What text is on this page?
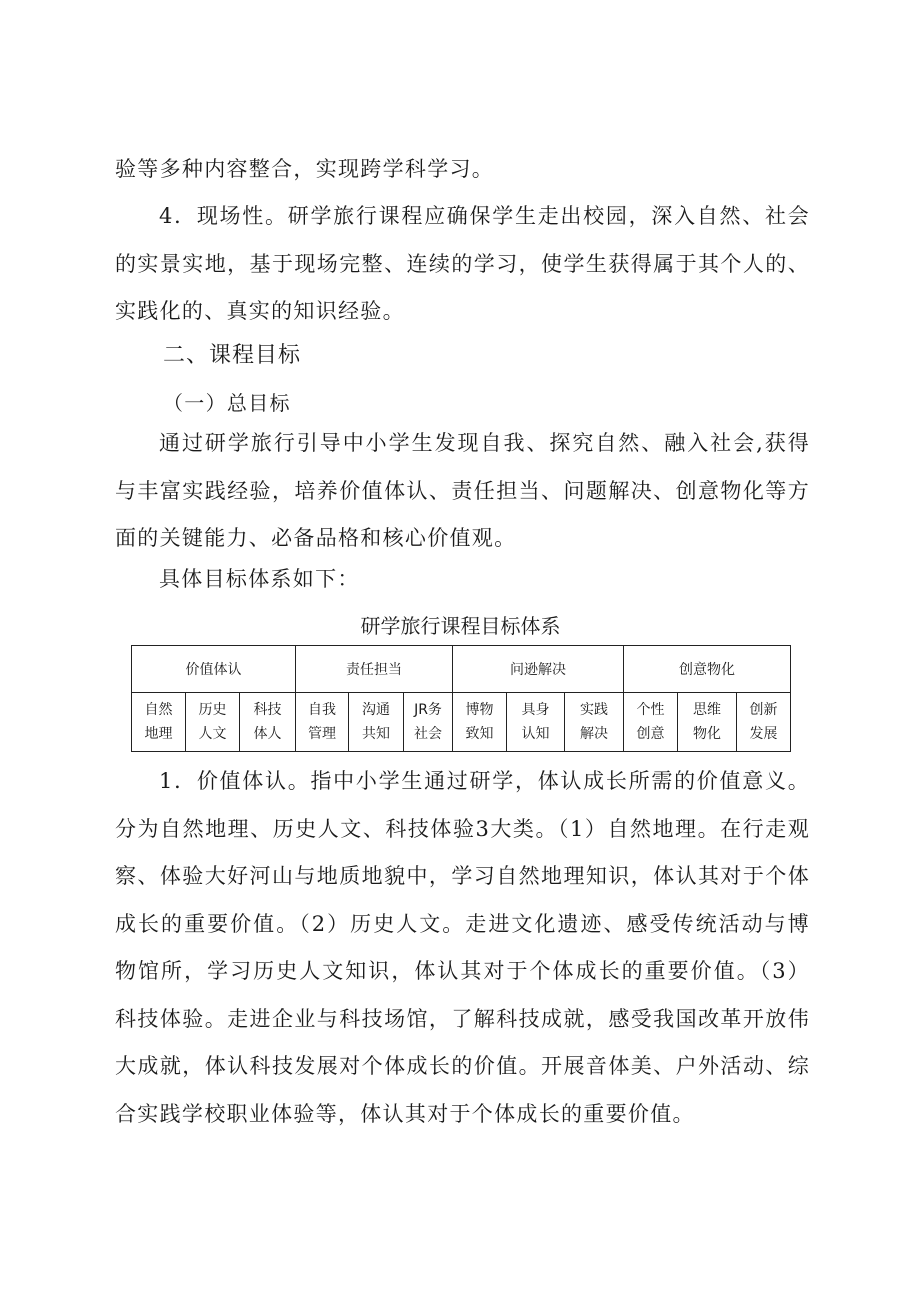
验等多种内容整合，实现跨学科学习。

4．现场性。研学旅行课程应确保学生走出校园，深入自然、社会的实景实地，基于现场完整、连续的学习，使学生获得属于其个人的、实践化的、真实的知识经验。

二、课程目标

（一）总目标

通过研学旅行引导中小学生发现自我、探究自然、融入社会,获得与丰富实践经验，培养价值体认、责任担当、问题解决、创意物化等方面的关键能力、必备品格和核心价值观。

具体目标体系如下：

研学旅行课程目标体系

价值体认			责任担当			问逊解决			创意物化		
自然地理	历史人文	科技体人	自我管理	沟通共知	JR务社会	博物致知	具身认知	实践解决	个性创意	思维物化	创新发展

1．价值体认。指中小学生通过研学，体认成长所需的价值意义。分为自然地理、历史人文、科技体验3大类。（1）自然地理。在行走观察、体验大好河山与地质地貌中，学习自然地理知识，体认其对于个体成长的重要价值。（2）历史人文。走进文化遗迹、感受传统活动与博物馆所，学习历史人文知识，体认其对于个体成长的重要价值。（3）科技体验。走进企业与科技场馆，了解科技成就，感受我国改革开放伟大成就，体认科技发展对个体成长的价值。开展音体美、户外活动、综合实践学校职业体验等，体认其对于个体成长的重要价值。
